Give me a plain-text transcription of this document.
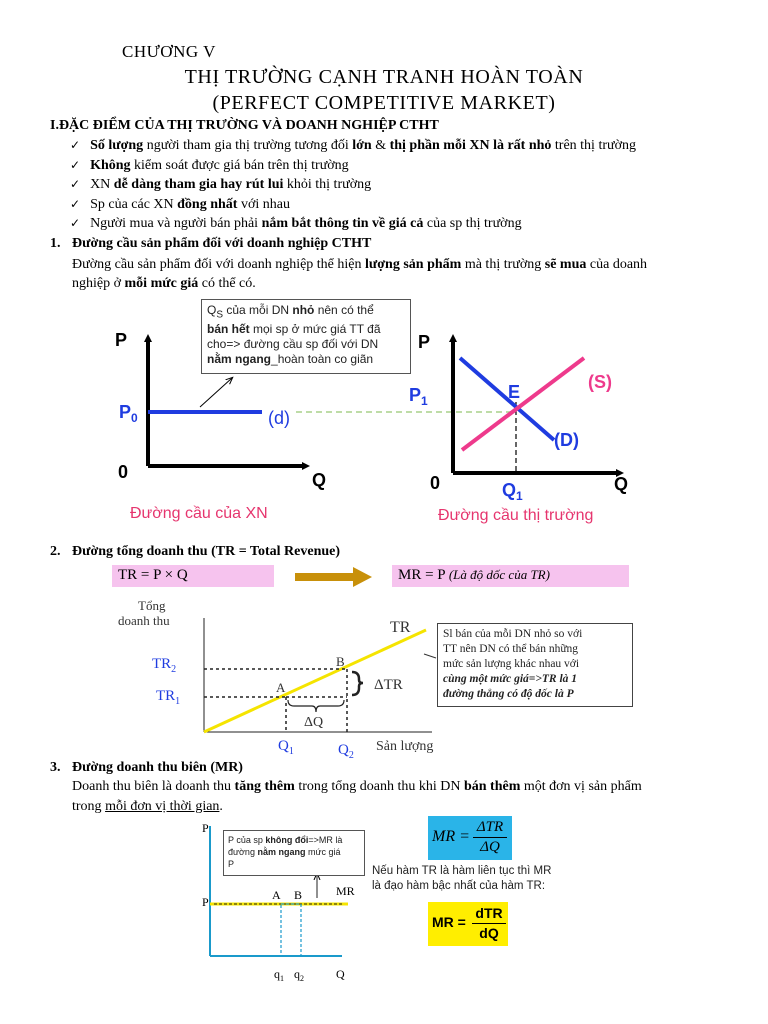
CHƯƠNG V
THỊ TRƯỜNG CẠNH TRANH HOÀN TOÀN
(PERFECT COMPETITIVE MARKET)
I.ĐẶC ĐIỂM CỦA THỊ TRƯỜNG VÀ DOANH NGHIỆP CTHT
✓ Số lượng người tham gia thị trường tương đối lớn & thị phần mỗi XN là rất nhỏ trên thị trường
✓ Không kiểm soát được giá bán trên thị trường
✓ XN dễ dàng tham gia hay rút lui khỏi thị trường
✓ Sp của các XN đồng nhất với nhau
✓ Người mua và người bán phải nắm bắt thông tin về giá cả của sp thị trường
1. Đường cầu sản phẩm đối với doanh nghiệp CTHT
Đường cầu sản phẩm đối với doanh nghiệp thể hiện lượng sản phẩm mà thị trường sẽ mua của doanh
nghiệp ở mỗi mức giá có thể có.
$Q_S$ của mỗi DN nhỏ nên có thể
bán hết mọi sp ở mức giá TT đã
cho=> đường cầu sp đối với DN
nằm ngang_hoàn toàn co giãn
P
Q
0
$P_0$	(d)
Đường cầu của XN
P
Q
0
$P_1$	E	(S)
(D)
$Q_1$
Đường cầu thị trường
2. Đường tổng doanh thu (TR = Total Revenue)
TR = P × Q	MR = P (Là độ dốc của TR)
Tổng
doanh thu	TR
$TR_2$
$TR_1$
A
B
ΔTR
ΔQ
$Q_1$	$Q_2$
Sản lượng
Sl bán của mỗi DN nhỏ so với
TT nên DN có thể bán những
mức sản lượng khác nhau với
cùng một mức giá=>TR là 1
đường thẳng có độ dốc là P
3. Đường doanh thu biên (MR)
Doanh thu biên là doanh thu tăng thêm trong tổng doanh thu khi DN bán thêm một đơn vị sản phẩm
trong mỗi đơn vị thời gian.
P
P	A B	MR
$q_1$ $q_2$	Q
P của sp không đổi=>MR là
đường nằm ngang mức giá
P
MR =
ΔTR
ΔQ
Nếu hàm TR là hàm liên tục thì MR
là đạo hàm bậc nhất của hàm TR:
MR =
dTR
dQ
